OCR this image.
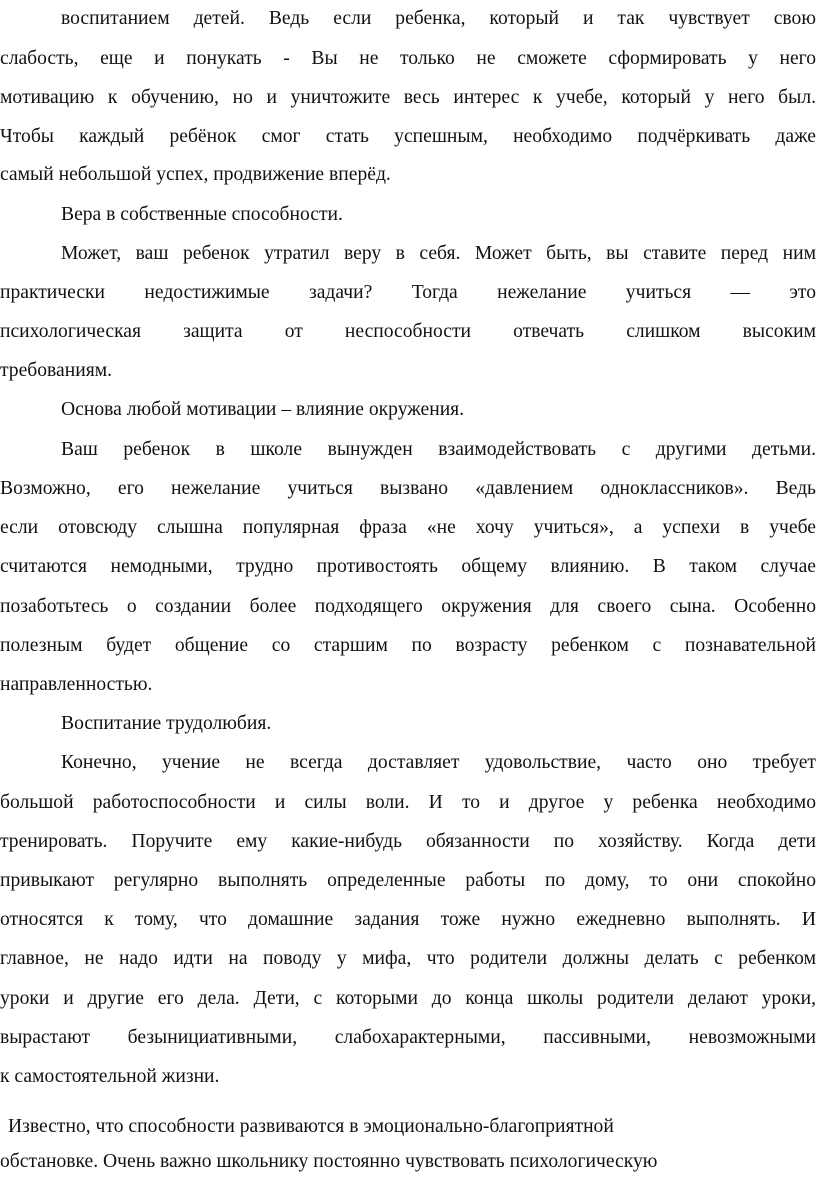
воспитанием детей. Ведь если ребенка, который и так чувствует свою
слабость, еще и понукать - Вы не только не сможете сформировать у него
мотивацию к обучению, но и уничтожите весь интерес к учебе, который у него был.
Чтобы каждый ребёнок смог стать успешным, необходимо подчёркивать даже
самый небольшой успех, продвижение вперёд.
Вера в собственные способности.
Может, ваш ребенок утратил веру в себя. Может быть, вы ставите перед ним
практически недостижимые задачи? Тогда нежелание учиться — это
психологическая защита от неспособности отвечать слишком высоким
требованиям.
Основа любой мотивации – влияние окружения.
Ваш ребенок в школе вынужден взаимодействовать с другими детьми.
Возможно, его нежелание учиться вызвано «давлением одноклассников». Ведь
если отовсюду слышна популярная фраза «не хочу учиться», а успехи в учебе
считаются немодными, трудно противостоять общему влиянию. В таком случае
позаботьтесь о создании более подходящего окружения для своего сына. Особенно
полезным будет общение со старшим по возрасту ребенком с познавательной
направленностью.
Воспитание трудолюбия.
Конечно, учение не всегда доставляет удовольствие, часто оно требует
большой работоспособности и силы воли. И то и другое у ребенка необходимо
тренировать. Поручите ему какие-нибудь обязанности по хозяйству. Когда дети
привыкают регулярно выполнять определенные работы по дому, то они спокойно
относятся к тому, что домашние задания тоже нужно ежедневно выполнять. И
главное, не надо идти на поводу у мифа, что родители должны делать с ребенком
уроки и другие его дела. Дети, с которыми до конца школы родители делают уроки,
вырастают безынициативными, слабохарактерными, пассивными, невозможными
к самостоятельной жизни.
Известно, что способности развиваются в эмоционально-благоприятной
обстановке. Очень важно школьнику постоянно чувствовать психологическую
